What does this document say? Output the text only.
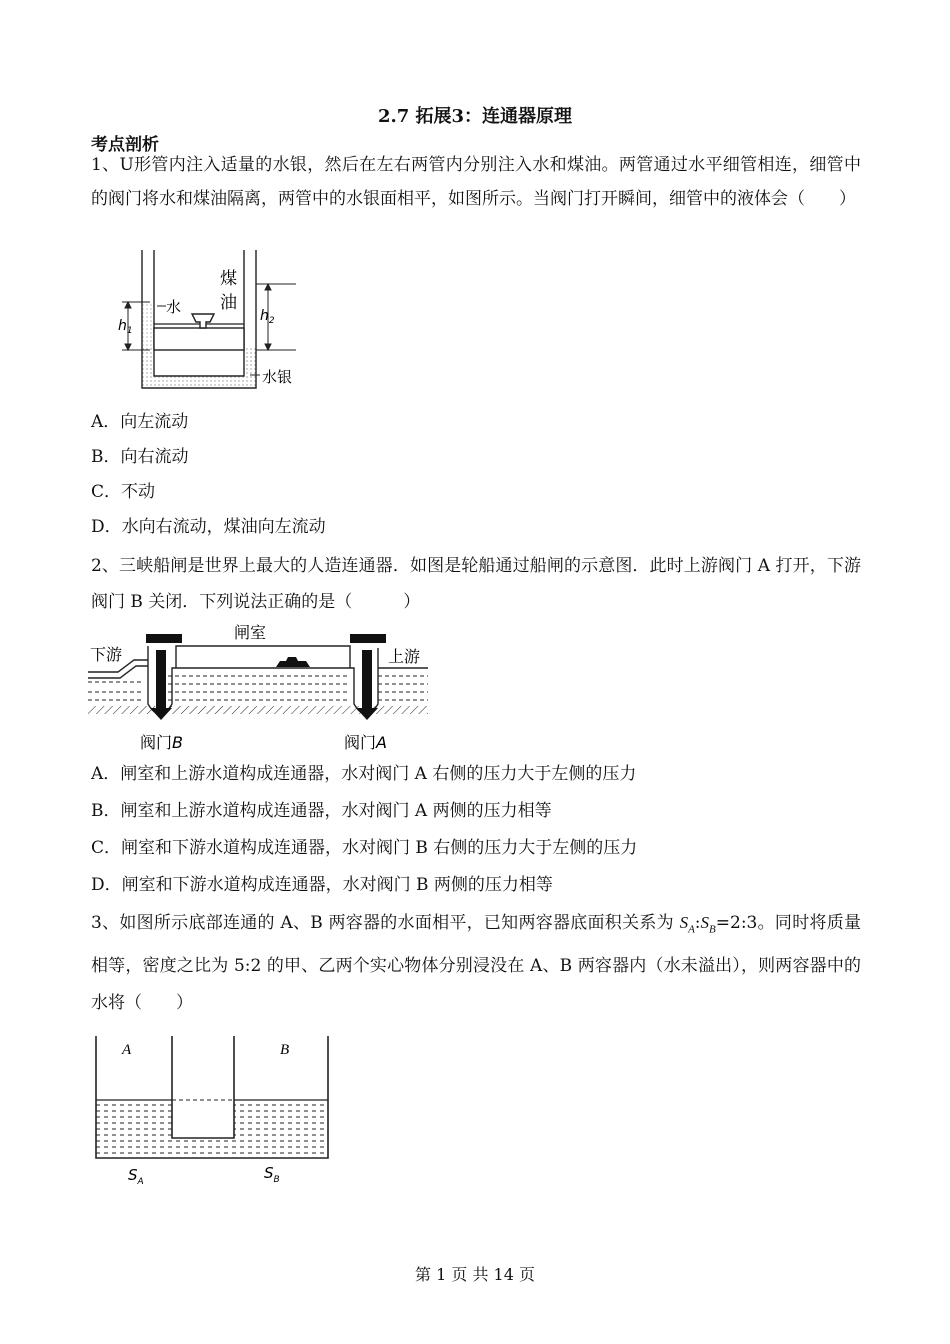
2.7 拓展3：连通器原理
考点剖析
1、U形管内注入适量的水银，然后在左右两管内分别注入水和煤油。两管通过水平细管相连，细管中的阀门将水和煤油隔离，两管中的水银面相平，如图所示。当阀门打开瞬间，细管中的液体会（　　）
$h_1$
$h_2$
水
煤
油
水银
A．向左流动
B．向右流动
C．不动
D．水向右流动，煤油向左流动
2、三峡船闸是世界上最大的人造连通器．如图是轮船通过船闸的示意图．此时上游阀门 A 打开，下游阀门 B 关闭．下列说法正确的是（　　　）
闸室
下游	上游
阀门B	阀门A
A．闸室和上游水道构成连通器，水对阀门 A 右侧的压力大于左侧的压力
B．闸室和上游水道构成连通器，水对阀门 A 两侧的压力相等
C．闸室和下游水道构成连通器，水对阀门 B 右侧的压力大于左侧的压力
D．闸室和下游水道构成连通器，水对阀门 B 两侧的压力相等
3、如图所示底部连通的 A、B 两容器的水面相平，已知两容器底面积关系为 $S_A:S_B=2:3$。同时将质量相等，密度之比为 5:2 的甲、乙两个实心物体分别浸没在 A、B 两容器内（水未溢出），则两容器中的水将（　　）
A	B
$S_A$	$S_B$
第 1 页 共 14 页
